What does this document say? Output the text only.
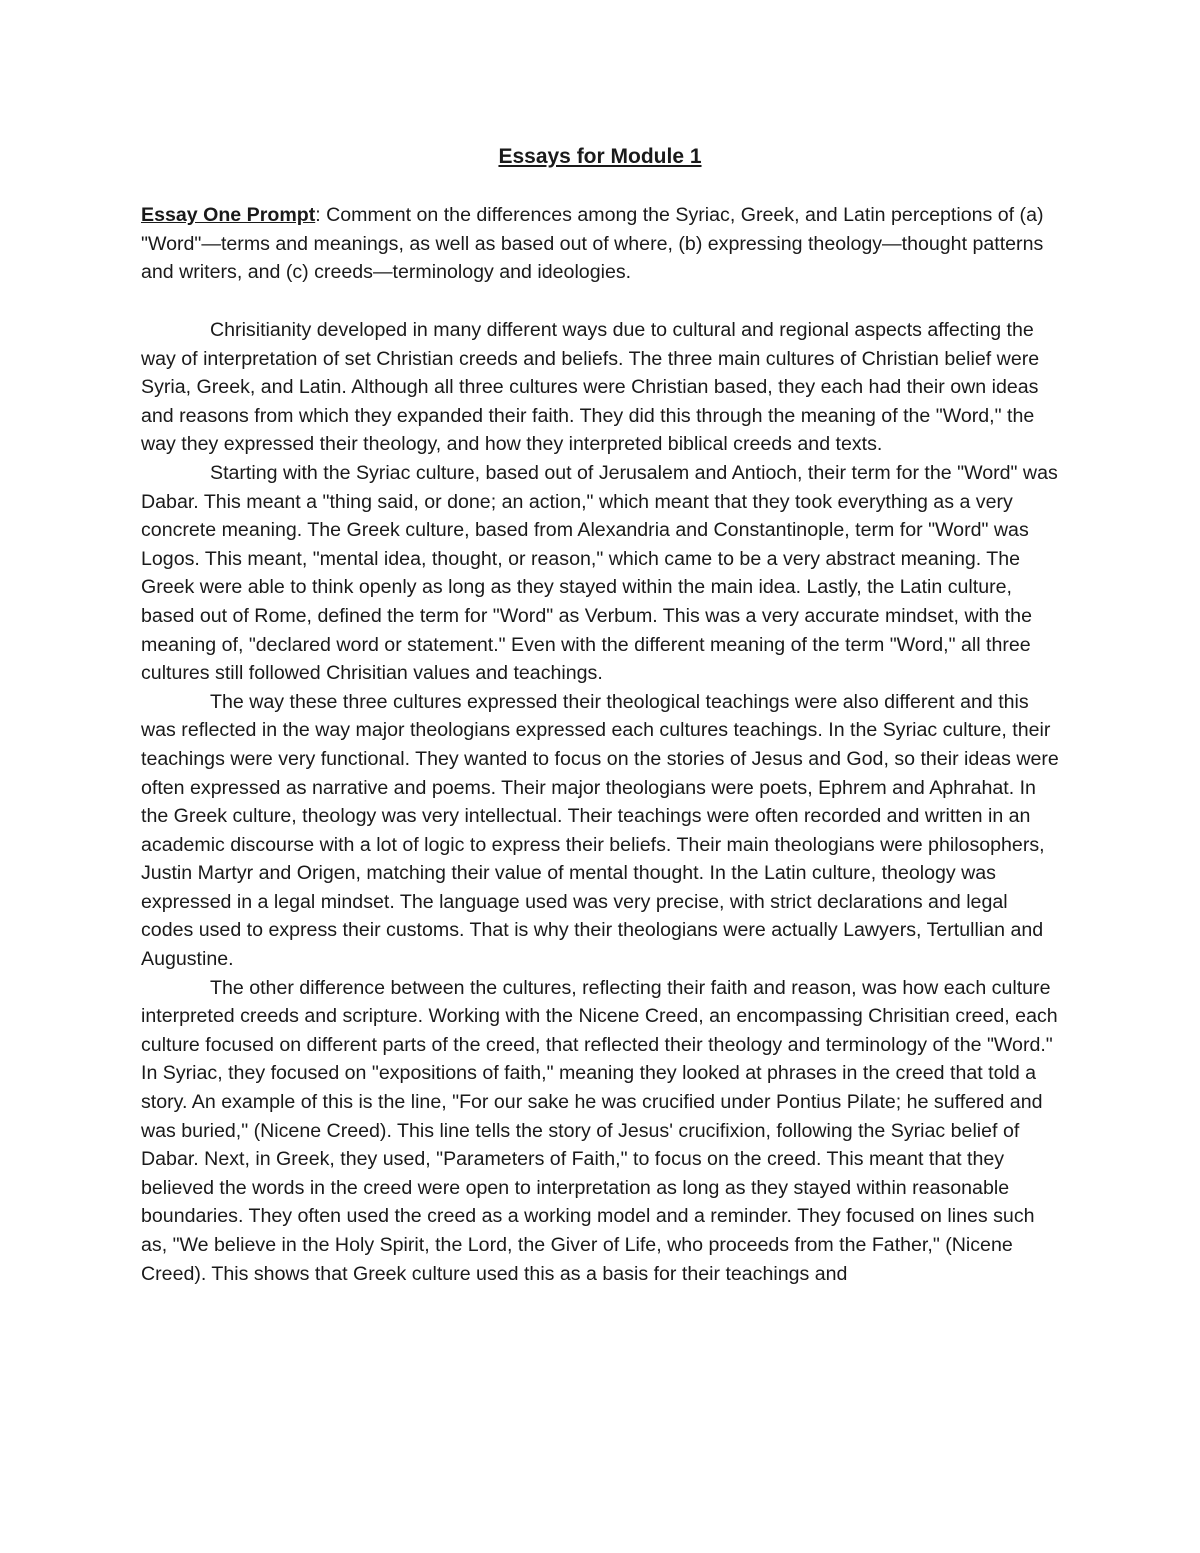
Essays for Module 1

Essay One Prompt: Comment on the differences among the Syriac, Greek, and Latin perceptions of (a) "Word"—terms and meanings, as well as based out of where, (b) expressing theology—thought patterns and writers, and (c) creeds—terminology and ideologies.

Chrisitianity developed in many different ways due to cultural and regional aspects affecting the way of interpretation of set Christian creeds and beliefs. The three main cultures of Christian belief were Syria, Greek, and Latin. Although all three cultures were Christian based, they each had their own ideas and reasons from which they expanded their faith. They did this through the meaning of the "Word," the way they expressed their theology, and how they interpreted biblical creeds and texts.

Starting with the Syriac culture, based out of Jerusalem and Antioch, their term for the "Word" was Dabar. This meant a "thing said, or done; an action," which meant that they took everything as a very concrete meaning. The Greek culture, based from Alexandria and Constantinople, term for "Word" was Logos. This meant, "mental idea, thought, or reason," which came to be a very abstract meaning. The Greek were able to think openly as long as they stayed within the main idea. Lastly, the Latin culture, based out of Rome, defined the term for "Word" as Verbum. This was a very accurate mindset, with the meaning of, "declared word or statement." Even with the different meaning of the term "Word," all three cultures still followed Chrisitian values and teachings.

The way these three cultures expressed their theological teachings were also different and this was reflected in the way major theologians expressed each cultures teachings. In the Syriac culture, their teachings were very functional. They wanted to focus on the stories of Jesus and God, so their ideas were often expressed as narrative and poems. Their major theologians were poets, Ephrem and Aphrahat. In the Greek culture, theology was very intellectual. Their teachings were often recorded and written in an academic discourse with a lot of logic to express their beliefs. Their main theologians were philosophers, Justin Martyr and Origen, matching their value of mental thought. In the Latin culture, theology was expressed in a legal mindset. The language used was very precise, with strict declarations and legal codes used to express their customs. That is why their theologians were actually Lawyers, Tertullian and Augustine.

The other difference between the cultures, reflecting their faith and reason, was how each culture interpreted creeds and scripture. Working with the Nicene Creed, an encompassing Chrisitian creed, each culture focused on different parts of the creed, that reflected their theology and terminology of the "Word." In Syriac, they focused on "expositions of faith," meaning they looked at phrases in the creed that told a story. An example of this is the line, "For our sake he was crucified under Pontius Pilate; he suffered and was buried," (Nicene Creed). This line tells the story of Jesus' crucifixion, following the Syriac belief of Dabar. Next, in Greek, they used, "Parameters of Faith," to focus on the creed. This meant that they believed the words in the creed were open to interpretation as long as they stayed within reasonable boundaries. They often used the creed as a working model and a reminder. They focused on lines such as, "We believe in the Holy Spirit, the Lord, the Giver of Life, who proceeds from the Father," (Nicene Creed). This shows that Greek culture used this as a basis for their teachings and
